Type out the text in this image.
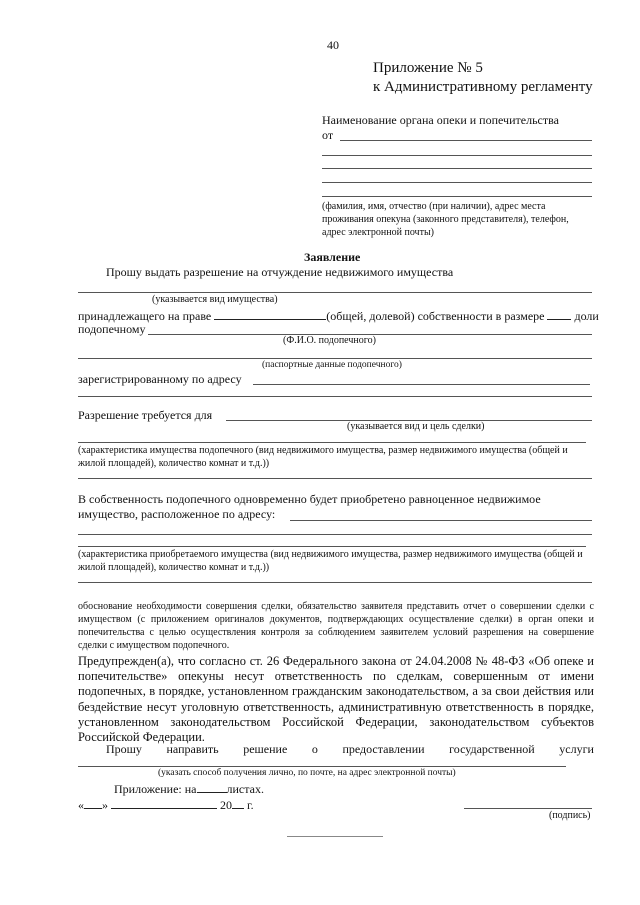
40
Приложение № 5
к Административному регламенту
Наименование органа опеки и попечительства
от
(фамилия, имя, отчество (при наличии), адрес места проживания опекуна (законного представителя), телефон, адрес электронной почты)
Заявление
Прошу выдать разрешение на отчуждение недвижимого имущества
(указывается вид имущества)
принадлежащего на праве	(общей, долевой) собственности в размере	доли
подопечному
(Ф.И.О. подопечного)
(паспортные данные подопечного)
зарегистрированному по адресу
Разрешение требуется для
(указывается вид и цель сделки)
(характеристика имущества подопечного (вид недвижимого имущества, размер недвижимого имущества (общей и жилой площадей), количество комнат и т.д.))
В собственность подопечного одновременно будет приобретено равноценное недвижимое
имущество, расположенное по адресу:
(характеристика приобретаемого имущества (вид недвижимого имущества, размер недвижимого имущества (общей и жилой площадей), количество комнат и т.д.))

обоснование необходимости совершения сделки, обязательство заявителя представить отчет о совершении сделки с имуществом (с приложением оригиналов документов, подтверждающих осуществление сделки) в орган опеки и попечительства с целью осуществления контроля за соблюдением заявителем условий разрешения на совершение сделки с имуществом подопечного.

Предупрежден(а), что согласно ст. 26 Федерального закона от 24.04.2008 № 48-ФЗ «Об опеке и попечительстве» опекуны несут ответственность по сделкам, совершенным от имени подопечных, в порядке, установленном гражданским законодательством, а за свои действия или бездействие несут уголовную ответственность, административную ответственность в порядке, установленном законодательством Российской Федерации, законодательством субъектов Российской Федерации.

Прошу направить решение о предоставлении государственной услуги
(указать способ получения лично, по почте, на адрес электронной почты)
Приложение: на	листах.
« »	20 г.
(подпись)
